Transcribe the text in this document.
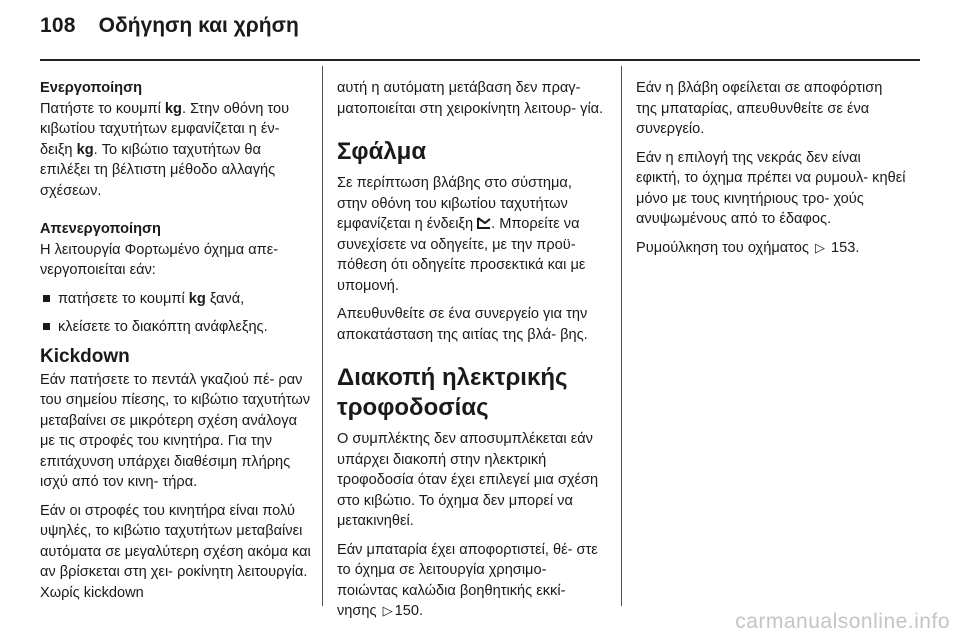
108 Οδήγηση και χρήση

Ενεργοποίηση

Πατήστε το κουμπί kg. Στην οθόνη του κιβωτίου ταχυτήτων εμφανίζεται η έν- δειξη kg. Το κιβώτιο ταχυτήτων θα επιλέξει τη βέλτιστη μέθοδο αλλαγής σχέσεων.

Απενεργοποίηση

Η λειτουργία Φορτωμένο όχημα απε- νεργοποιείται εάν:

πατήσετε το κουμπί kg ξανά,
κλείσετε το διακόπτη ανάφλεξης.

Kickdown

Εάν πατήσετε το πεντάλ γκαζιού πέ- ραν του σημείου πίεσης, το κιβώτιο ταχυτήτων μεταβαίνει σε μικρότερη σχέση ανάλογα με τις στροφές του κινητήρα. Για την επιτάχυνση υπάρχει διαθέσιμη πλήρης ισχύ από τον κινη- τήρα.

Εάν οι στροφές του κινητήρα είναι πολύ υψηλές, το κιβώτιο ταχυτήτων μεταβαίνει αυτόματα σε μεγαλύτερη σχέση ακόμα και αν βρίσκεται στη χει- ροκίνητη λειτουργία. Χωρίς kickdown

αυτή η αυτόματη μετάβαση δεν πραγ- ματοποιείται στη χειροκίνητη λειτουρ- γία.

Σφάλμα

Σε περίπτωση βλάβης στο σύστημα, στην οθόνη του κιβωτίου ταχυτήτων εμφανίζεται η ένδειξη . Μπορείτε να συνεχίσετε να οδηγείτε, με την προϋ- πόθεση ότι οδηγείτε προσεκτικά και με υπομονή.

Απευθυνθείτε σε ένα συνεργείο για την αποκατάσταση της αιτίας της βλά- βης.

Διακοπή ηλεκτρικής τροφοδοσίας

Ο συμπλέκτης δεν αποσυμπλέκεται εάν υπάρχει διακοπή στην ηλεκτρική τροφοδοσία όταν έχει επιλεγεί μια σχέση στο κιβώτιο. Το όχημα δεν μπορεί να μετακινηθεί.

Εάν μπαταρία έχει αποφορτιστεί, θέ- στε το όχημα σε λειτουργία χρησιμο- ποιώντας καλώδια βοηθητικής εκκί- νησης ▷ 150.

Εάν η βλάβη οφείλεται σε αποφόρτιση της μπαταρίας, απευθυνθείτε σε ένα συνεργείο.

Εάν η επιλογή της νεκράς δεν είναι εφικτή, το όχημα πρέπει να ρυμουλ- κηθεί μόνο με τους κινητήριους τρο- χούς ανυψωμένους από το έδαφος.

Ρυμούλκηση του οχήματος ▷ 153.

carmanualsonline.info
